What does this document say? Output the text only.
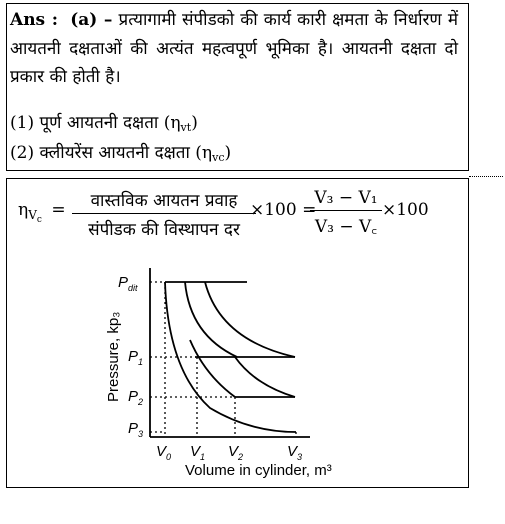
Ans : (a) – प्रत्यागामी संपीडको की कार्य कारी क्षमता के निर्धारण में आयतनी दक्षताओं की अत्यंत महत्वपूर्ण भूमिका है। आयतनी दक्षता दो प्रकार की होती है।
(1) पूर्ण आयतनी दक्षता $(\eta_{vt})$
(2) क्लीयरेंस आयतनी दक्षता $(\eta_{vc})$
$\eta_{Vc}$ =	वास्तविक आयतन प्रवाह
संपीडक की विस्थापन दर
×100 =
$\frac{\text{V₃ − V₁}}{\text{V₃ − V꜀}} \times 100$
$P_{dit}$
$P_1$
$P_2$
$P_3$
$V_0$ $V_1$ $V_2$	$V_3$
Volume in cylinder, m³
Pressure, kp₃
